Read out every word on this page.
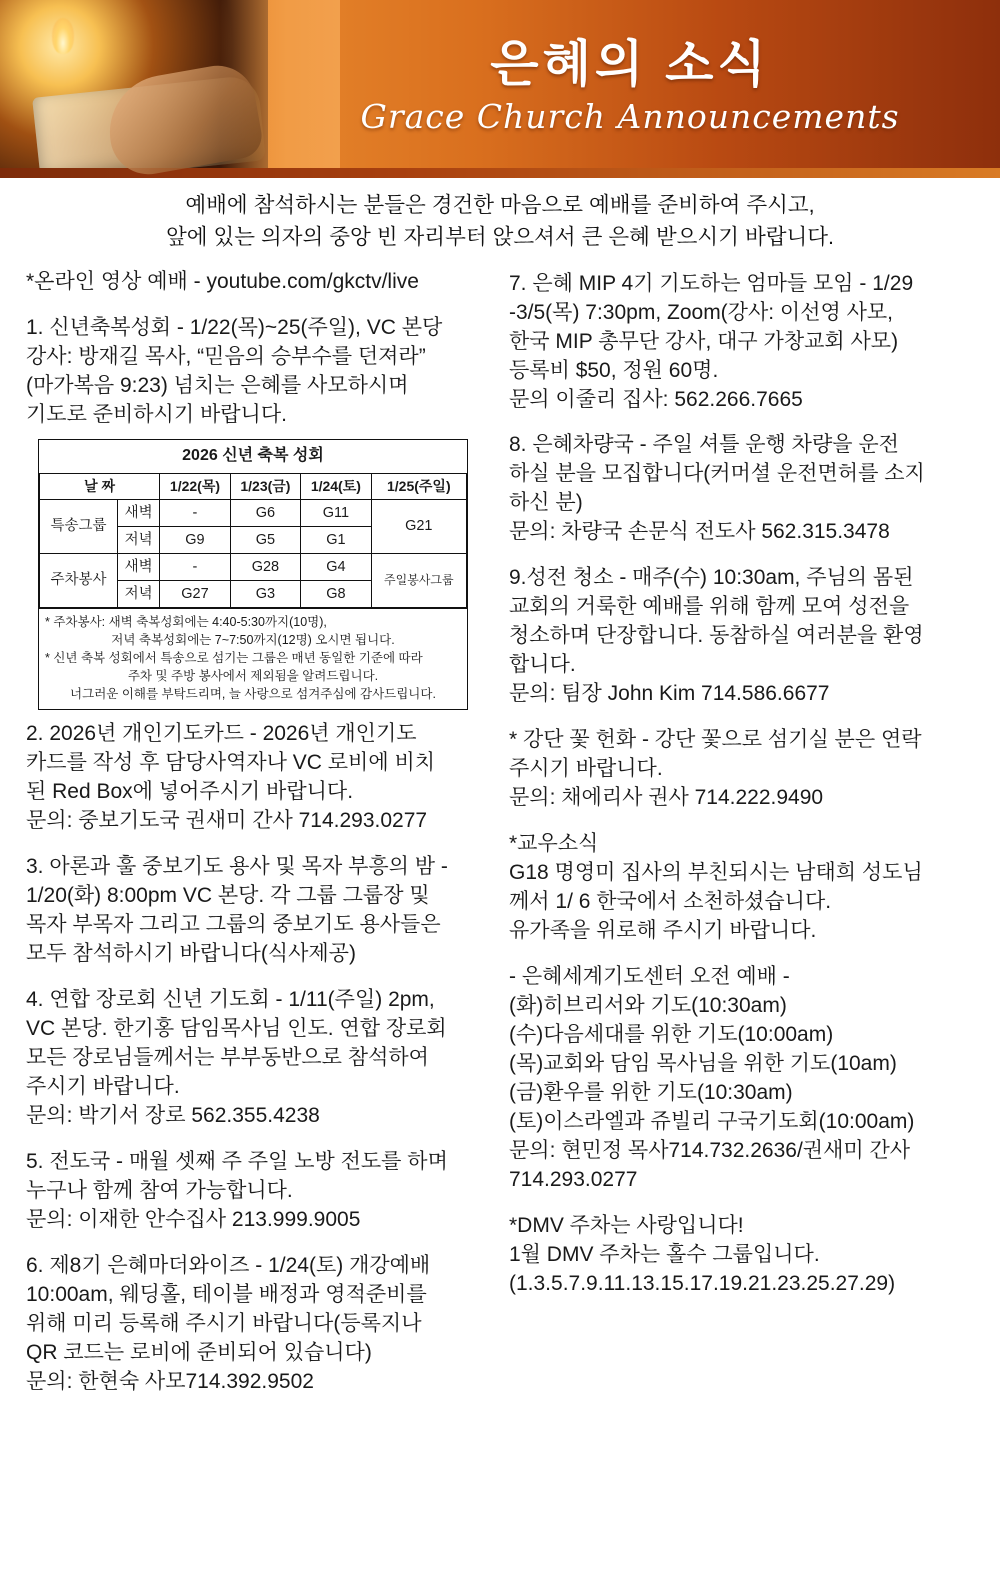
은혜의 소식
Grace Church Announcements
예배에 참석하시는 분들은 경건한 마음으로 예배를 준비하여 주시고,
앞에 있는 의자의 중앙 빈 자리부터 앉으셔서 큰 은혜 받으시기 바랍니다.

*온라인 영상 예배 - youtube.com/gkctv/live

1. 신년축복성회 - 1/22(목)~25(주일), VC 본당

강사: 방재길 목사, “믿음의 승부수를 던져라”

(마가복음 9:23) 넘치는 은혜를 사모하시며

기도로 준비하시기 바랍니다.

2026 신년 축복 성회					
날 짜		1/22(목)	1/23(금)	1/24(토)	1/25(주일)
특송그룹	새벽	-	G6	G11	G21
	저녁	G9	G5	G1	
주차봉사	새벽	-	G28	G4	주일봉사그룹
	저녁	G27	G3	G8	
* 주차봉사: 새벽 축복성회에는 4:40-5:30까지(10명),
저녁 축복성회에는 7~7:50까지(12명) 오시면 됩니다.
* 신년 축복 성회에서 특송으로 섬기는 그룹은 매년 동일한 기준에 따라
주차 및 주방 봉사에서 제외됨을 알려드립니다.
너그러운 이해를 부탁드리며, 늘 사랑으로 섬겨주심에 감사드립니다.

2. 2026년 개인기도카드 - 2026년 개인기도

카드를 작성 후 담당사역자나 VC 로비에 비치

된 Red Box에 넣어주시기 바랍니다.

문의: 중보기도국 권새미 간사 714.293.0277

3. 아론과 훌 중보기도 용사 및 목자 부흥의 밤 -

1/20(화) 8:00pm VC 본당. 각 그룹 그룹장 및

목자 부목자 그리고 그룹의 중보기도 용사들은

모두 참석하시기 바랍니다(식사제공)

4. 연합 장로회 신년 기도회 - 1/11(주일) 2pm,

VC 본당. 한기홍 담임목사님 인도. 연합 장로회

모든 장로님들께서는 부부동반으로 참석하여

주시기 바랍니다.

문의: 박기서 장로 562.355.4238

5. 전도국 - 매월 셋째 주 주일 노방 전도를 하며

누구나 함께 참여 가능합니다.

문의: 이재한 안수집사 213.999.9005

6. 제8기 은혜마더와이즈 - 1/24(토) 개강예배

10:00am, 웨딩홀, 테이블 배정과 영적준비를

위해 미리 등록해 주시기 바랍니다(등록지나

QR 코드는 로비에 준비되어 있습니다)

문의: 한현숙 사모714.392.9502

7. 은혜 MIP 4기 기도하는 엄마들 모임 - 1/29

-3/5(목) 7:30pm, Zoom(강사: 이선영 사모,

한국 MIP 총무단 강사, 대구 가창교회 사모)

등록비 $50, 정원 60명.

문의 이줄리 집사: 562.266.7665

8. 은혜차량국 - 주일 셔틀 운행 차량을 운전

하실 분을 모집합니다(커머셜 운전면허를 소지

하신 분)

문의: 차량국 손문식 전도사 562.315.3478

9.성전 청소 - 매주(수) 10:30am, 주님의 몸된

교회의 거룩한 예배를 위해 함께 모여 성전을

청소하며 단장합니다. 동참하실 여러분을 환영

합니다.

문의: 팀장 John Kim 714.586.6677

* 강단 꽃 헌화 - 강단 꽃으로 섬기실 분은 연락

주시기 바랍니다.

문의: 채에리사 권사 714.222.9490

*교우소식

G18 명영미 집사의 부친되시는 남태희 성도님

께서 1/ 6 한국에서 소천하셨습니다.

유가족을 위로해 주시기 바랍니다.

- 은혜세계기도센터 오전 예배 -

(화)히브리서와 기도(10:30am)

(수)다음세대를 위한 기도(10:00am)

(목)교회와 담임 목사님을 위한 기도(10am)

(금)환우를 위한 기도(10:30am)

(토)이스라엘과 쥬빌리 구국기도회(10:00am)

문의: 현민정 목사714.732.2636/권새미 간사

714.293.0277

*DMV 주차는 사랑입니다!

1월 DMV 주차는 홀수 그룹입니다.

(1.3.5.7.9.11.13.15.17.19.21.23.25.27.29)
